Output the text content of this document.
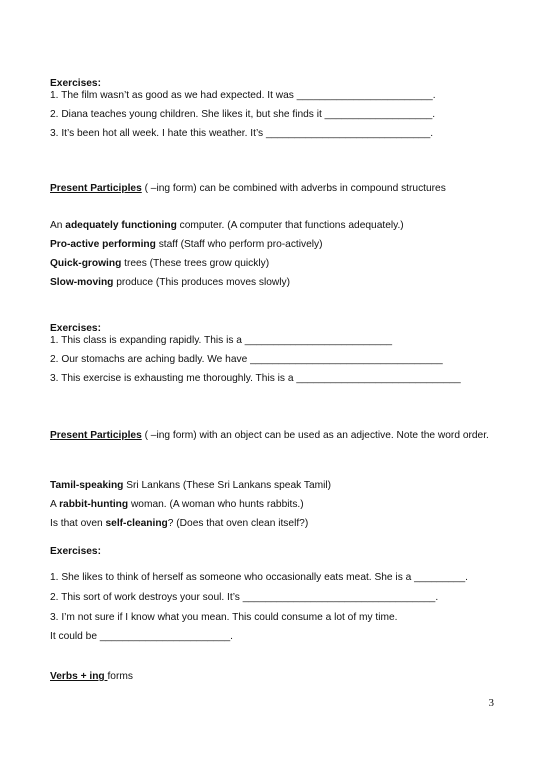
Exercises:
1. The film wasn’t as good as we had expected. It was ________________________.
2. Diana teaches young children. She likes it, but she finds it ___________________.
3. It’s been hot all week. I hate this weather. It’s _____________________________.
Present Participles ( –ing form) can be combined with adverbs in compound structures
An adequately functioning computer. (A computer that functions adequately.)
Pro-active performing staff (Staff who perform pro-actively)
Quick-growing trees (These trees grow quickly)
Slow-moving produce (This produces moves slowly)
Exercises:
1. This class is expanding rapidly. This is a __________________________
2. Our stomachs are aching badly. We have __________________________________
3. This exercise is exhausting me thoroughly. This is a _____________________________
Present Participles ( –ing form) with an object can be used as an adjective. Note the word order.
Tamil-speaking Sri Lankans (These Sri Lankans speak Tamil)
A rabbit-hunting woman. (A woman who hunts rabbits.)
Is that oven self-cleaning? (Does that oven clean itself?)
Exercises:
1. She likes to think of herself as someone who occasionally eats meat. She is a _________.
2. This sort of work destroys your soul. It’s __________________________________.
3. I’m not sure if I know what you mean. This could consume a lot of my time.
It could be _______________________.
Verbs + ing forms
3
